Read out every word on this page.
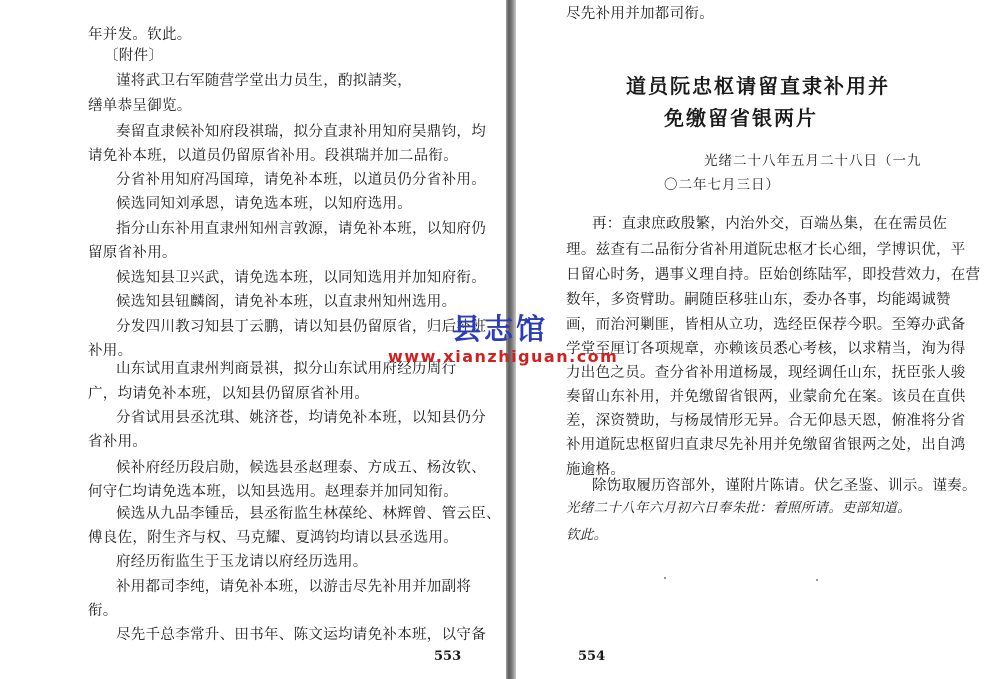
年并发。钦此。
〔附件〕
谨将武卫右军随营学堂出力员生，酌拟請奖，
缮单恭呈御览。
奏留直隶候补知府段祺瑞，拟分直隶补用知府吴鼎钧，均
请免补本班，以道员仍留原省补用。段祺瑞并加二品衔。
分省补用知府冯国璋，请免补本班，以道员仍分省补用。
候选同知刘承恩，请免选本班，以知府选用。
指分山东补用直隶州知州言敦源，请免补本班，以知府仍
留原省补用。
候选知县卫兴武，请免选本班，以同知选用并加知府衔。
候选知县钮麟阁，请免补本班，以直隶州知州选用。
分发四川教习知县丁云鹏，请以知县仍留原省，归后补班
补用。
山东试用直隶州判商景祺，拟分山东试用府经历周行
广，均请免补本班，以知县仍留原省补用。
分省试用县丞沈琪、姚济苍，均请免补本班，以知县仍分
省补用。
候补府经历段启勋，候选县丞赵理泰、方成五、杨汝钦、
何守仁均请免选本班，以知县选用。赵理泰并加同知衔。
候选从九品李锺岳，县丞衔监生林葆纶、林辉曾、管云臣、
傅良佐，附生齐与权、马克耀、夏鸿钧均请以县丞选用。
府经历衔监生于玉龙请以府经历选用。
补用都司李纯，请免补本班，以游击尽先补用并加副将
衔。
尽先千总李常升、田书年、陈文运均请免补本班，以守备
553
尽先补用并加都司衔。
道员阮忠枢请留直隶补用并
免缴留省银两片
光绪二十八年五月二十八日（一九
〇二年七月三日）
再：直隶庶政殷繁，内治外交，百端丛集，在在需员佐
理。兹查有二品衔分省补用道阮忠枢才长心细，学博识优，平
日留心时务，遇事义理自持。臣始创练陆军，即投营效力，在营
数年，多资臂助。嗣随臣移驻山东，委办各事，均能竭诚赞
画，而治河剿匪，皆相从立功，选经臣保荐今职。至筹办武备
学堂至厘订各项规章，亦赖该员悉心考核，以求精当，洵为得
力出色之员。查分省补用道杨晟，现经调任山东，抚臣张人骏
奏留山东补用，并免缴留省银两，业蒙俞允在案。该员在直供
差，深资赞助，与杨晟情形无异。合无仰恳天恩，俯准将分省
补用道阮忠枢留归直隶尽先补用并免缴留省银两之处，出自鸿
施逾格。
除饬取履历咨部外，谨附片陈请。伏乞圣鉴、训示。谨奏。
光绪二十八年六月初六日奉朱批：着照所请。吏部知道。
钦此。
554
县志馆
www.xianzhiguan.com
